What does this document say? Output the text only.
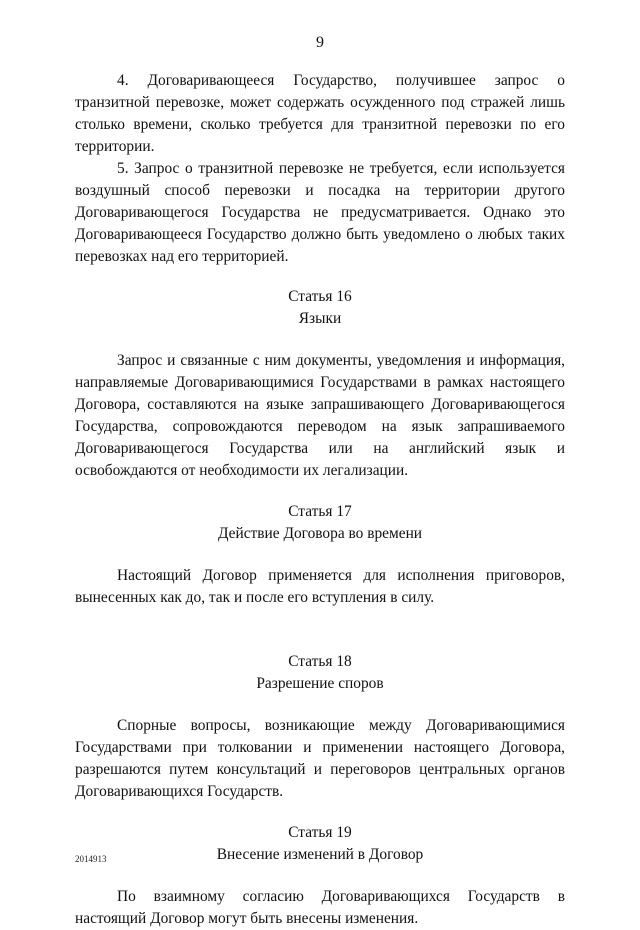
9

4. Договаривающееся Государство, получившее запрос о транзитной перевозке, может содержать осужденного под стражей лишь столько времени, сколько требуется для транзитной перевозки по его территории.

5. Запрос о транзитной перевозке не требуется, если используется воздушный способ перевозки и посадка на территории другого Договаривающегося Государства не предусматривается. Однако это Договаривающееся Государство должно быть уведомлено о любых таких перевозках над его территорией.

Статья 16
Языки

Запрос и связанные с ним документы, уведомления и информация, направляемые Договаривающимися Государствами в рамках настоящего Договора, составляются на языке запрашивающего Договаривающегося Государства, сопровождаются переводом на язык запрашиваемого Договаривающегося Государства или на английский язык и освобождаются от необходимости их легализации.

Статья 17
Действие Договора во времени

Настоящий Договор применяется для исполнения приговоров, вынесенных как до, так и после его вступления в силу.

Статья 18
Разрешение споров

Спорные вопросы, возникающие между Договаривающимися Государствами при толковании и применении настоящего Договора, разрешаются путем консультаций и переговоров центральных органов Договаривающихся Государств.

Статья 19
Внесение изменений в Договор

По взаимному согласию Договаривающихся Государств в настоящий Договор могут быть внесены изменения.

2014913
